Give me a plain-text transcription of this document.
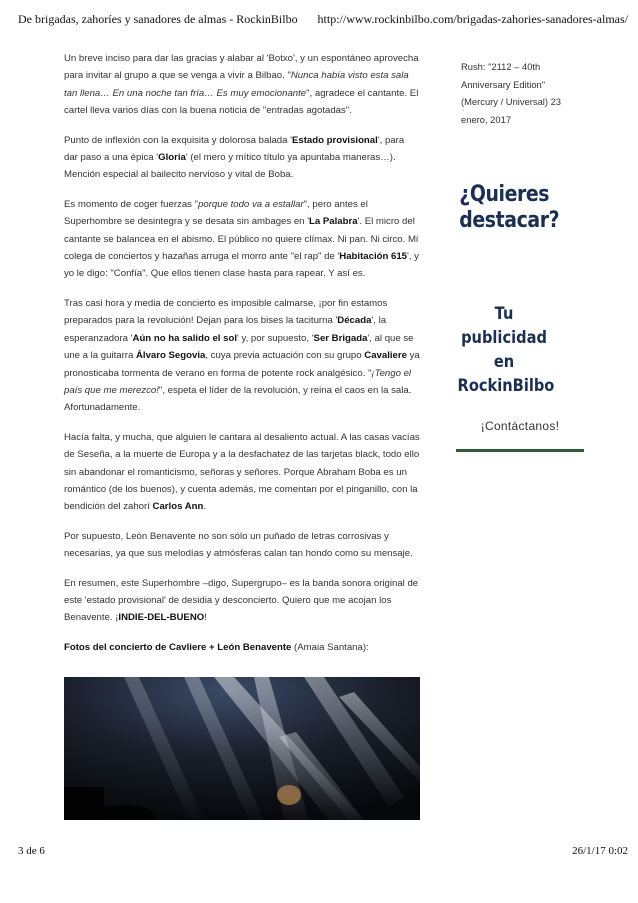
De brigadas, zahoríes y sanadores de almas - RockinBilbo http://www.rockinbilbo.com/brigadas-zahories-sanadores-almas/

Un breve inciso para dar las gracias y alabar al 'Botxo', y un espontáneo aprovecha para invitar al grupo a que se venga a vivir a Bilbao. "Nunca había visto esta sala tan llena… En una noche tan fría… Es muy emocionante", agradece el cantante. El cartel lleva varios días con la buena noticia de "entradas agotadas".

Punto de inflexión con la exquisita y dolorosa balada 'Estado provisional', para dar paso a una épica 'Gloria' (el mero y mítico título ya apuntaba maneras…). Mención especial al bailecito nervioso y vital de Boba.

Es momento de coger fuerzas "porque todo va a estallar", pero antes el Superhombre se desintegra y se desata sin ambages en 'La Palabra'. El micro del cantante se balancea en el abismo. El público no quiere clímax. Ni pan. Ni circo. Mi colega de conciertos y hazañas arruga el morro ante "el rap" de 'Habitación 615', y yo le digo: "Confía". Que ellos tienen clase hasta para rapear. Y así es.

Tras casi hora y media de concierto es imposible calmarse, ¡por fin estamos preparados para la revolución! Dejan para los bises la taciturna 'Década', la esperanzadora 'Aún no ha salido el sol' y, por supuesto, 'Ser Brigada', al que se une a la guitarra Álvaro Segovia, cuya previa actuación con su grupo Cavaliere ya pronosticaba tormenta de verano en forma de potente rock analgésico. "¡Tengo el país que me merezco!", espeta el líder de la revolución, y reina el caos en la sala. Afortunadamente.

Hacía falta, y mucha, que alguien le cantara al desaliento actual. A las casas vacías de Seseña, a la muerte de Europa y a la desfachatez de las tarjetas black, todo ello sin abandonar el romanticismo, señoras y señores. Porque Abraham Boba es un romántico (de los buenos), y cuenta además, me comentan por el pinganillo, con la bendición del zahorí Carlos Ann.

Por supuesto, León Benavente no son sólo un puñado de letras corrosivas y necesarias, ya que sus melodías y atmósferas calan tan hondo como su mensaje.

En resumen, este Superhombre –digo, Supergrupo– es la banda sonora original de este 'estado provisional' de desidia y desconcierto. Quiero que me acojan los Benavente. ¡INDIE-DEL-BUENO!

Fotos del concierto de Cavliere + León Benavente (Amaia Santana):

Rush: "2112 – 40th
Anniversary Edition"
(Mercury / Universal) 23
enero, 2017

¿Quieres destacar?
Tu publicidad en RockinBilbo
¡Contáctanos!
3 de 6	26/1/17 0:02
